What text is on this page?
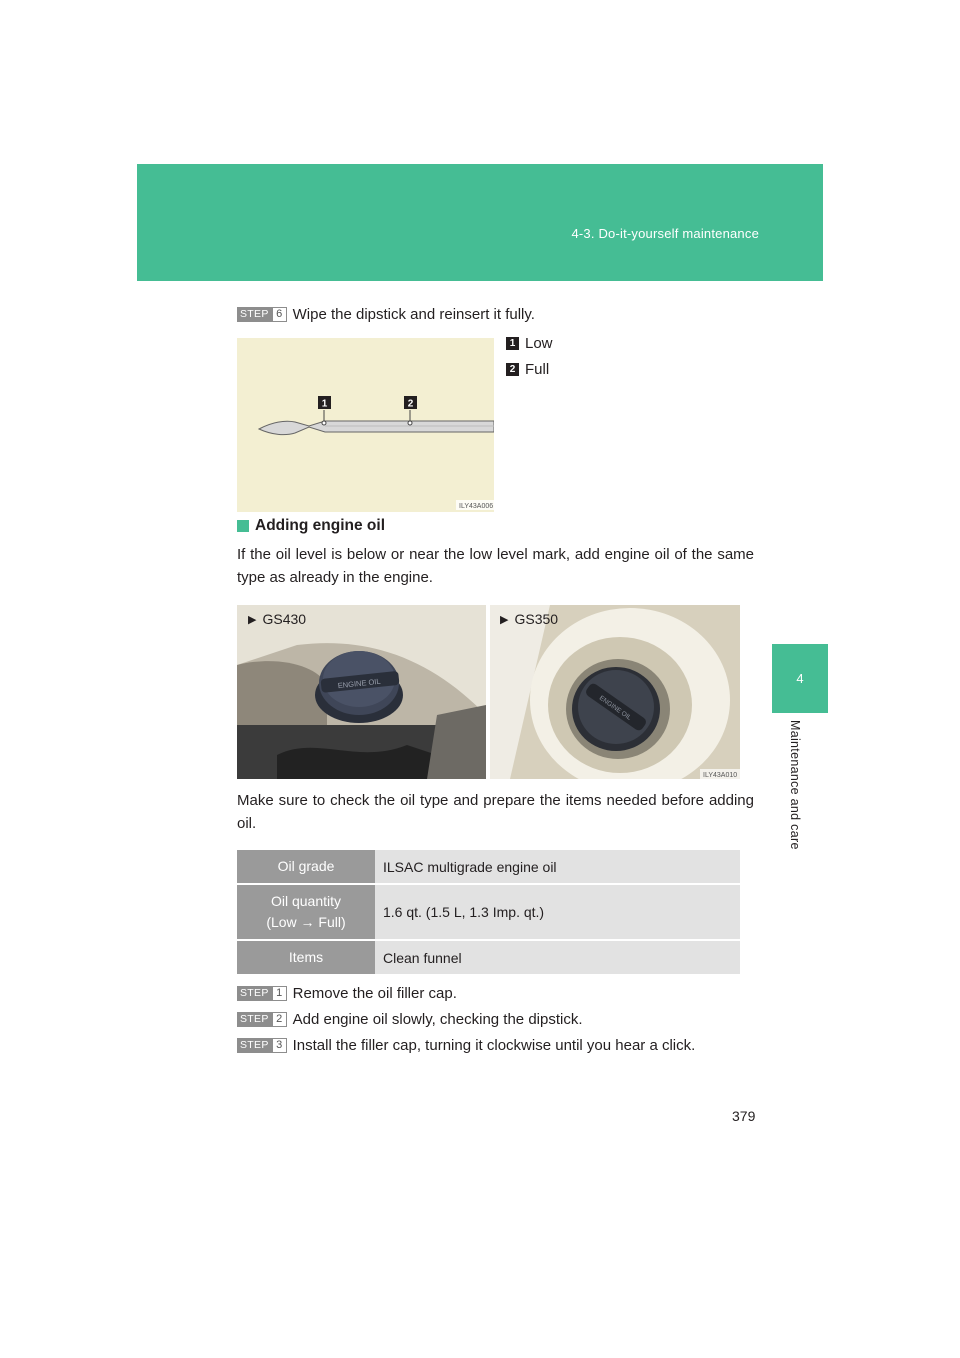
4-3. Do-it-yourself maintenance
4
Maintenance and care
STEP 6 Wipe the dipstick and reinsert it fully.
1	2
ILY43A006
1 Low
2 Full
Adding engine oil
If the oil level is below or near the low level mark, add engine oil of the same type as already in the engine.
ENGINE OIL
ENGINE OIL
ILY43A010
▶ GS430	▶ GS350
Make sure to check the oil type and prepare the items needed before adding oil.
Oil grade	ILSAC multigrade engine oil

Oil quantity
(Low → Full)	1.6 qt. (1.5 L, 1.3 Imp. qt.)
Items	Clean funnel
STEP 1 Remove the oil filler cap.
STEP 2 Add engine oil slowly, checking the dipstick.
STEP 3 Install the filler cap, turning it clockwise until you hear a click.
379
